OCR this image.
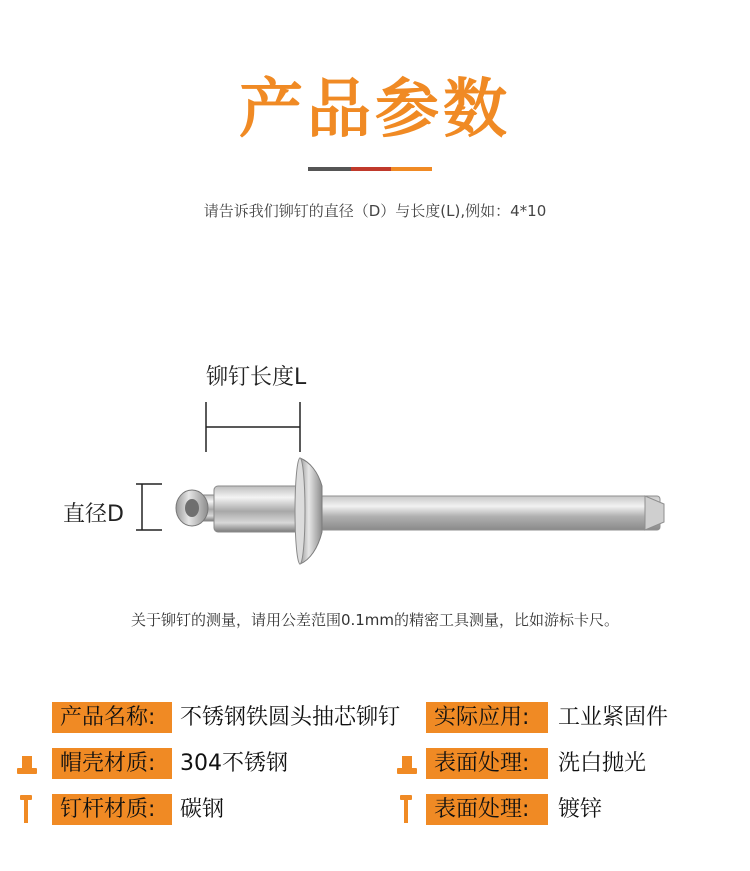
产品参数
请告诉我们铆钉的直径（D）与长度(L),例如：4*10
铆钉长度L
直径D
关于铆钉的测量，请用公差范围0.1mm的精密工具测量，比如游标卡尺。
产品名称:	不锈钢铁圆头抽芯铆钉	实际应用:	工业紧固件
帽壳材质:	304不锈钢	表面处理:	洗白抛光
钉杆材质:	碳钢	表面处理:	镀锌
